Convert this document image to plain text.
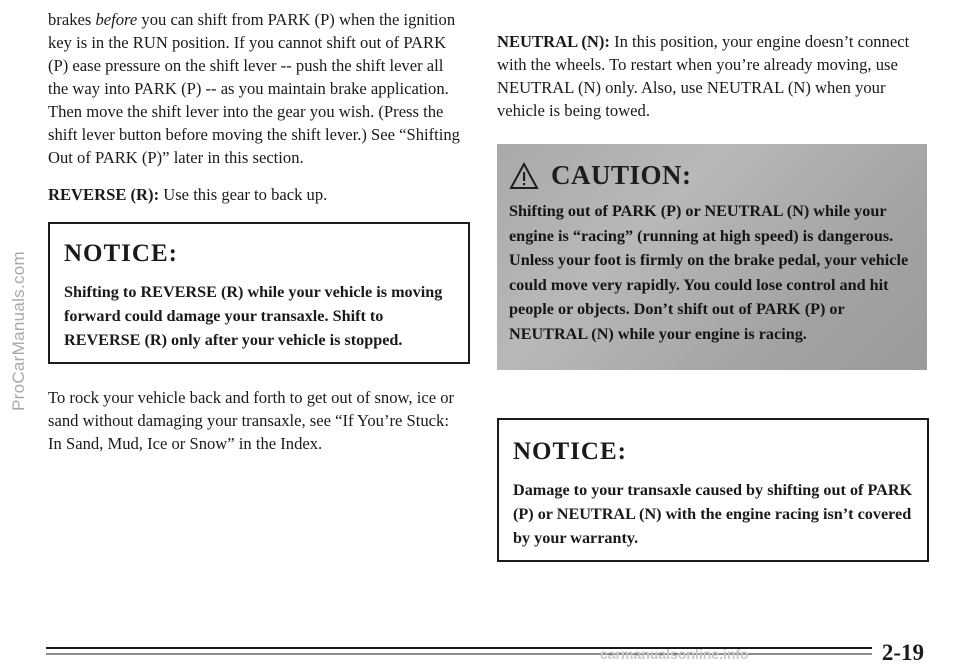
ProCarManuals.com

brakes before you can shift from PARK (P) when the ignition key is in the RUN position. If you cannot shift out of PARK (P) ease pressure on the shift lever -- push the shift lever all the way into PARK (P) -- as you maintain brake application. Then move the shift lever into the gear you wish. (Press the shift lever button before moving the shift lever.) See “Shifting Out of PARK (P)” later in this section.

REVERSE (R): Use this gear to back up.

NOTICE:
Shifting to REVERSE (R) while your vehicle is moving forward could damage your transaxle. Shift to REVERSE (R) only after your vehicle is stopped.

To rock your vehicle back and forth to get out of snow, ice or sand without damaging your transaxle, see “If You’re Stuck: In Sand, Mud, Ice or Snow” in the Index.

NEUTRAL (N): In this position, your engine doesn’t connect with the wheels. To restart when you’re already moving, use NEUTRAL (N) only. Also, use NEUTRAL (N) when your vehicle is being towed.

CAUTION:
Shifting out of PARK (P) or NEUTRAL (N) while your engine is “racing” (running at high speed) is dangerous. Unless your foot is firmly on the brake pedal, your vehicle could move very rapidly. You could lose control and hit people or objects. Don’t shift out of PARK (P) or NEUTRAL (N) while your engine is racing.
NOTICE:
Damage to your transaxle caused by shifting out of PARK (P) or NEUTRAL (N) with the engine racing isn’t covered by your warranty.
carmanualsonline.info	2-19
